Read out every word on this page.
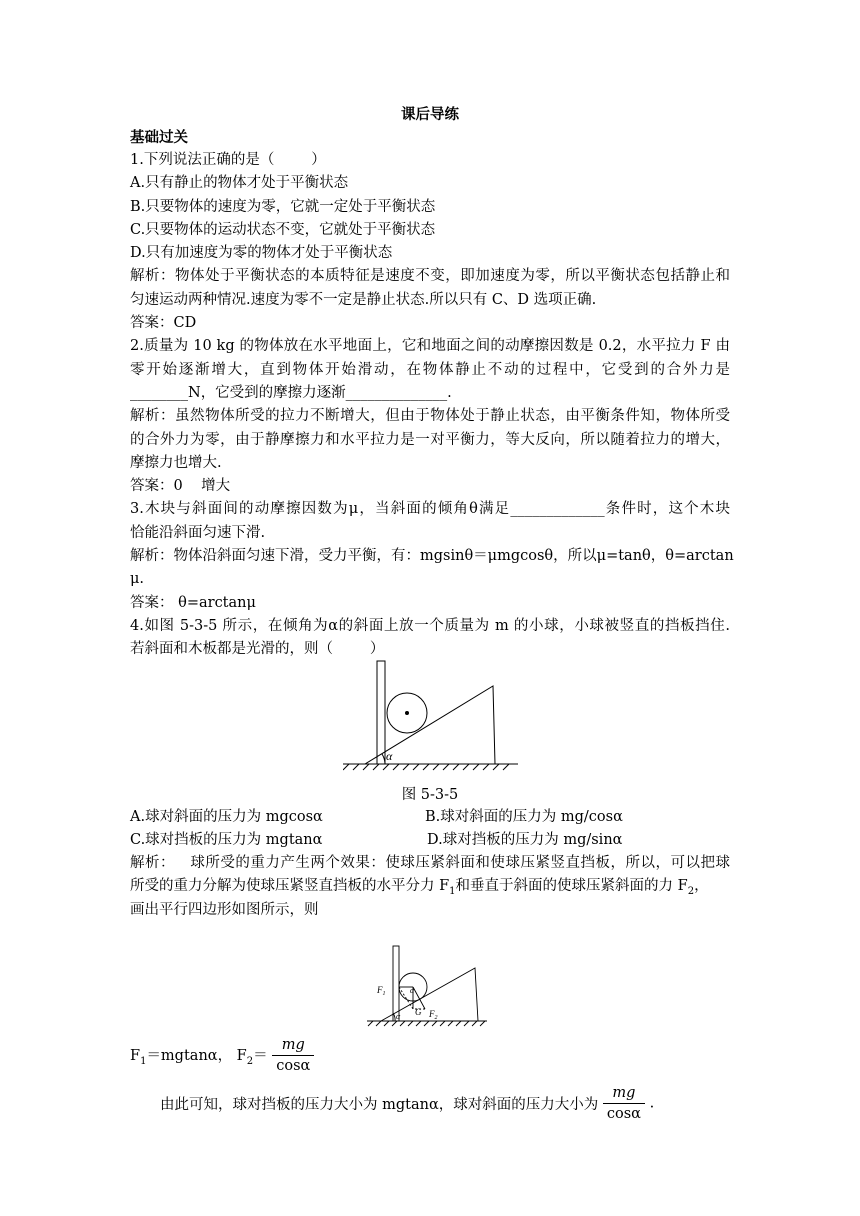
课后导练
基础过关
1.下列说法正确的是（        ）
A.只有静止的物体才处于平衡状态
B.只要物体的速度为零，它就一定处于平衡状态
C.只要物体的运动状态不变，它就处于平衡状态
D.只有加速度为零的物体才处于平衡状态
解析：物体处于平衡状态的本质特征是速度不变，即加速度为零，所以平衡状态包括静止和
匀速运动两种情况.速度为零不一定是静止状态.所以只有 C、D 选项正确.
答案：CD
2.质量为 10 kg 的物体放在水平地面上，它和地面之间的动摩擦因数是 0.2，水平拉力 F 由
零开始逐渐增大，直到物体开始滑动，在物体静止不动的过程中，它受到的合外力是
________N，它受到的摩擦力逐渐______________.
解析：虽然物体所受的拉力不断增大，但由于物体处于静止状态，由平衡条件知，物体所受
的合外力为零，由于静摩擦力和水平拉力是一对平衡力，等大反向，所以随着拉力的增大，
摩擦力也增大.
答案：0    增大
3.木块与斜面间的动摩擦因数为μ，当斜面的倾角θ满足_____________条件时，这个木块
恰能沿斜面匀速下滑.
解析：物体沿斜面匀速下滑，受力平衡，有：mgsinθ＝μmgcosθ，所以μ=tanθ，θ=arctan
μ.
答案： θ=arctanμ
4.如图 5-3-5 所示，在倾角为α的斜面上放一个质量为 m 的小球，小球被竖直的挡板挡住.
若斜面和木板都是光滑的，则（        ）
α
图 5-3-5
A.球对斜面的压力为 mgcosα	B.球对斜面的压力为 mg/cosα
C.球对挡板的压力为 mgtanα	D.球对挡板的压力为 mg/sinα
解析：   球所受的重力产生两个效果：使球压紧斜面和使球压紧竖直挡板，所以，可以把球
所受的重力分解为使球压紧竖直挡板的水平分力 $F_1$和垂直于斜面的使球压紧斜面的力 $F_2$，
画出平行四边形如图所示，则
$F_1$
$F_2$
G
α
α
$F_1=mgtan\alpha$， $F_2= \frac{mg}{\cos\alpha}$
由此可知，球对挡板的压力大小为 mgtanα，球对斜面的压力大小为 $\frac{mg}{\cos\alpha}$ .
